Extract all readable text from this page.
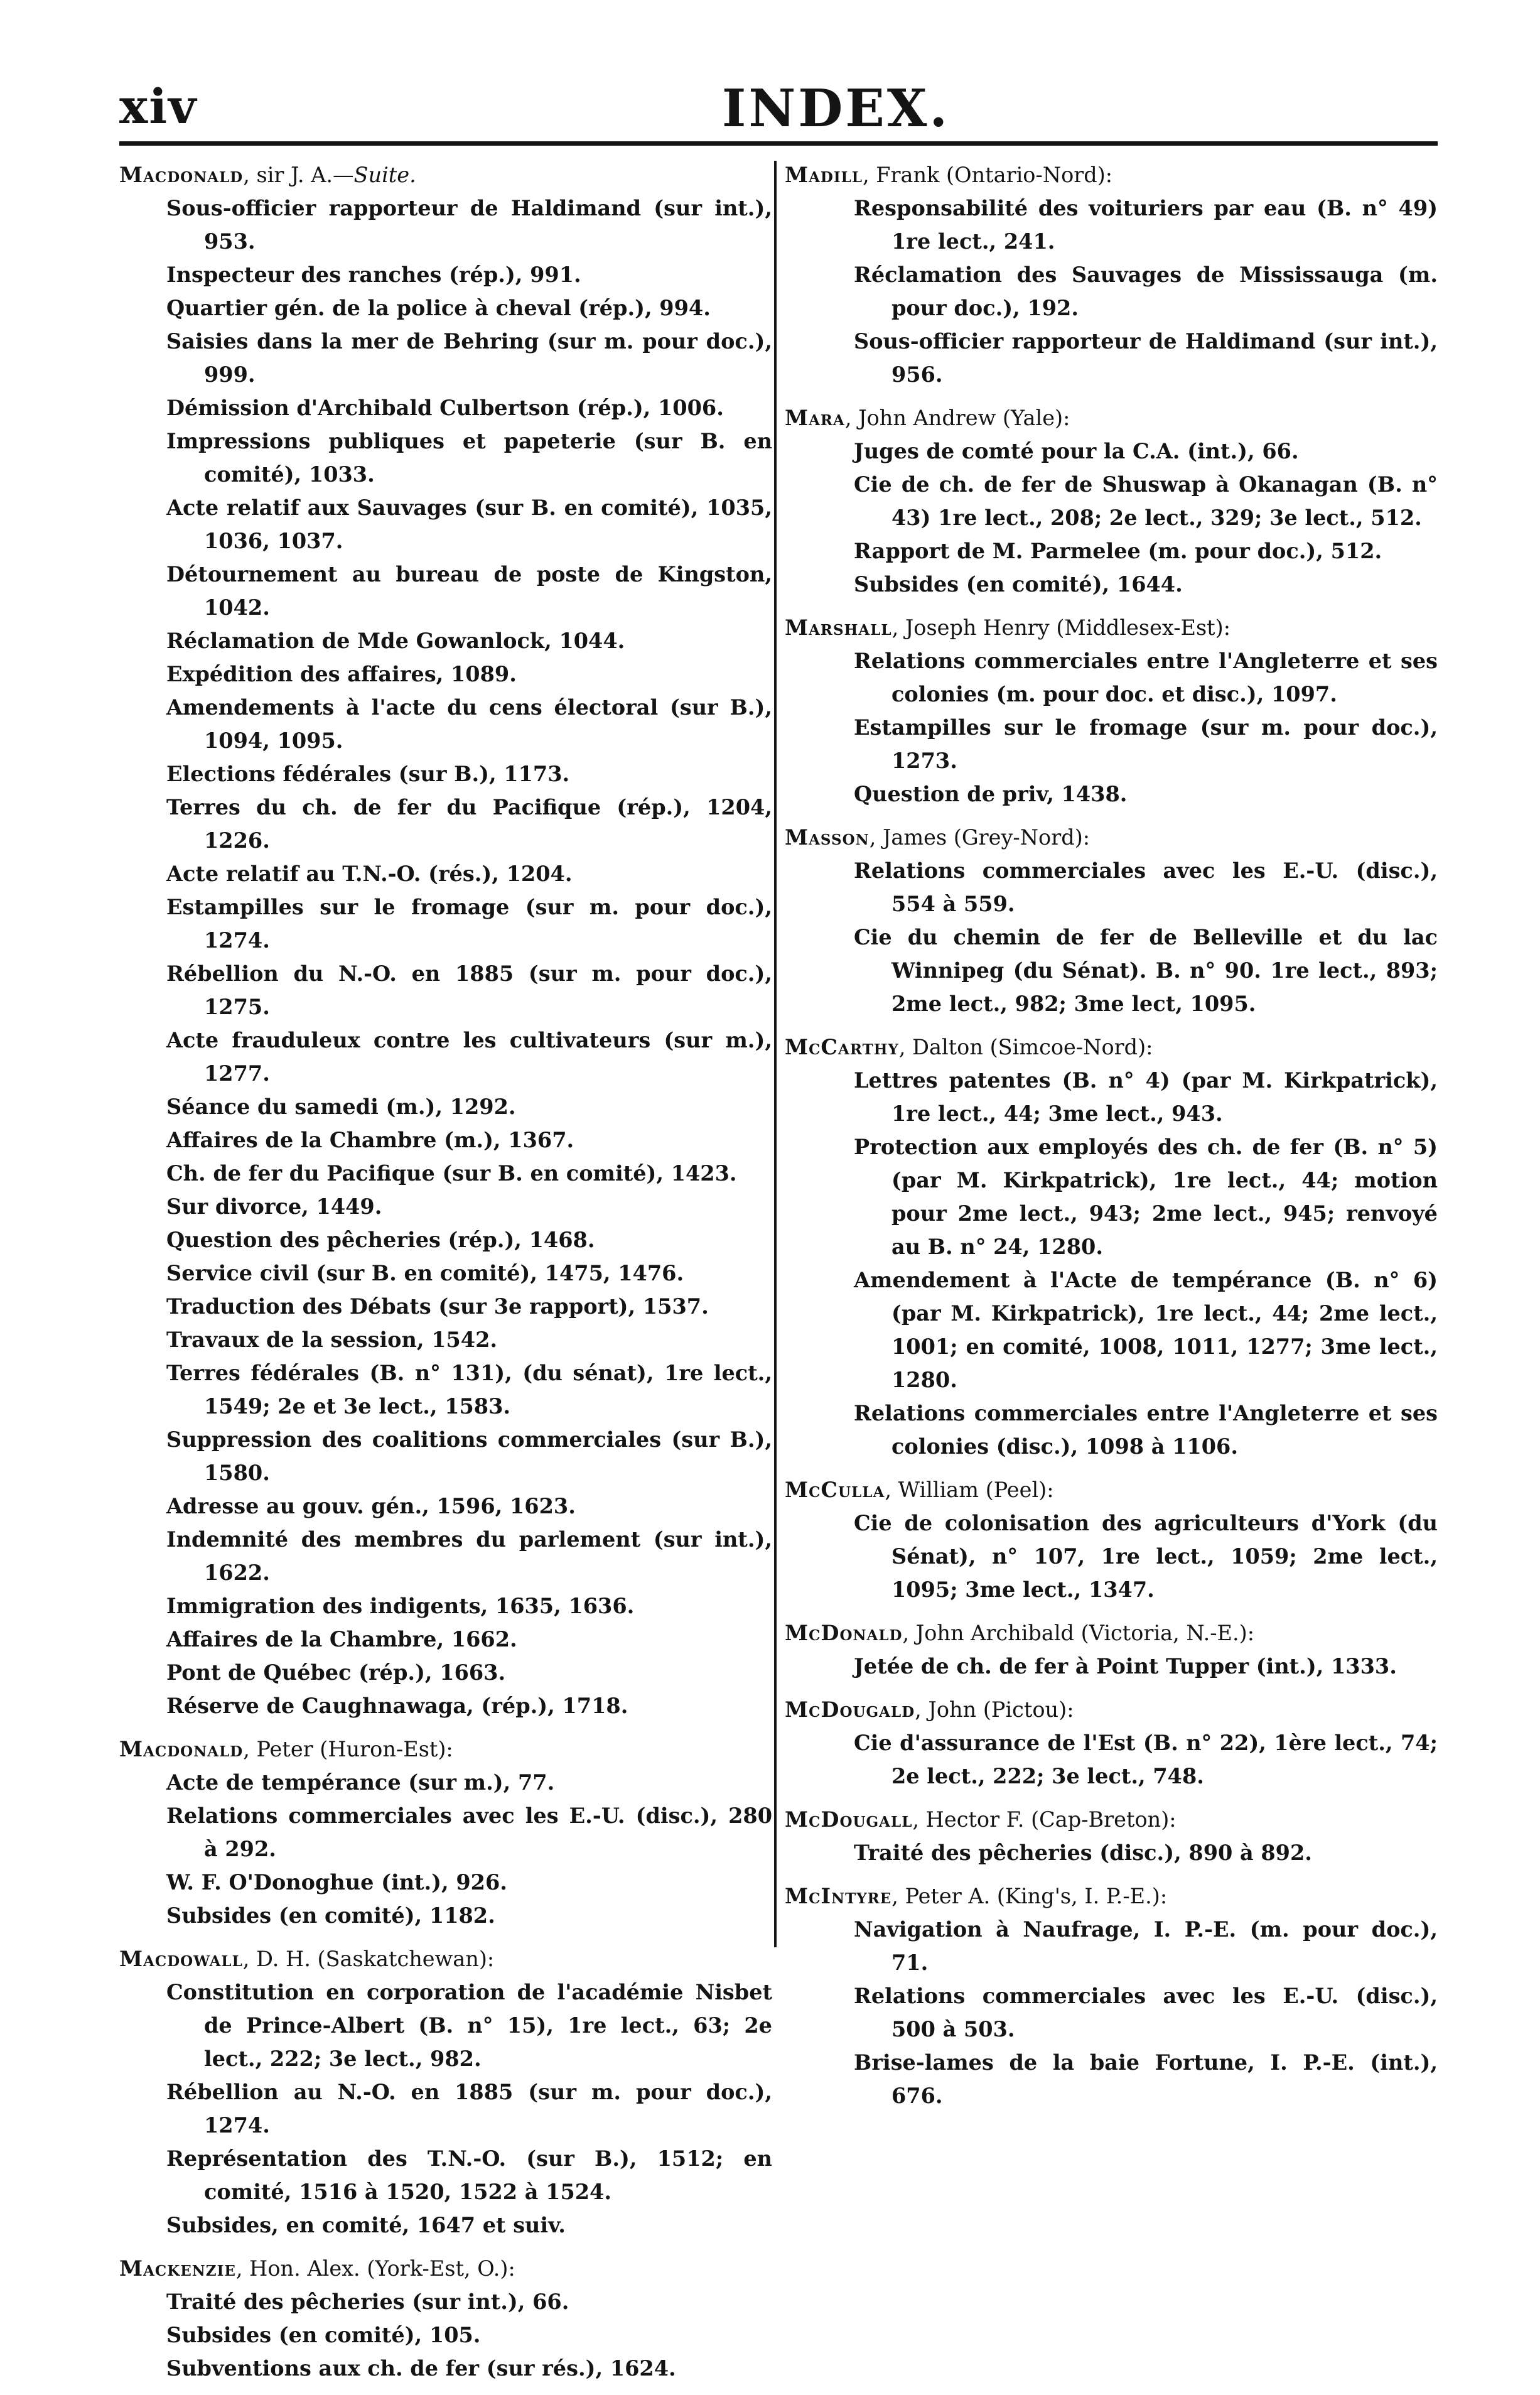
xiv	INDEX.
Macdonald, sir J. A.—Suite.
Sous-officier rapporteur de Haldimand (sur int.), 953.
Inspecteur des ranches (rép.), 991.
Quartier gén. de la police à cheval (rép.), 994.
Saisies dans la mer de Behring (sur m. pour doc.), 999.
Démission d'Archibald Culbertson (rép.), 1006.
Impressions publiques et papeterie (sur B. en comité), 1033.
Acte relatif aux Sauvages (sur B. en comité), 1035, 1036, 1037.
Détournement au bureau de poste de Kingston, 1042.
Réclamation de Mde Gowanlock, 1044.
Expédition des affaires, 1089.
Amendements à l'acte du cens électoral (sur B.), 1094, 1095.
Elections fédérales (sur B.), 1173.
Terres du ch. de fer du Pacifique (rép.), 1204, 1226.
Acte relatif au T.N.-O. (rés.), 1204.
Estampilles sur le fromage (sur m. pour doc.), 1274.
Rébellion du N.-O. en 1885 (sur m. pour doc.), 1275.
Acte frauduleux contre les cultivateurs (sur m.), 1277.
Séance du samedi (m.), 1292.
Affaires de la Chambre (m.), 1367.
Ch. de fer du Pacifique (sur B. en comité), 1423.
Sur divorce, 1449.
Question des pêcheries (rép.), 1468.
Service civil (sur B. en comité), 1475, 1476.
Traduction des Débats (sur 3e rapport), 1537.
Travaux de la session, 1542.
Terres fédérales (B. n° 131), (du sénat), 1re lect., 1549; 2e et 3e lect., 1583.
Suppression des coalitions commerciales (sur B.), 1580.
Adresse au gouv. gén., 1596, 1623.
Indemnité des membres du parlement (sur int.), 1622.
Immigration des indigents, 1635, 1636.
Affaires de la Chambre, 1662.
Pont de Québec (rép.), 1663.
Réserve de Caughnawaga, (rép.), 1718.
Macdonald, Peter (Huron-Est):
Acte de tempérance (sur m.), 77.
Relations commerciales avec les E.-U. (disc.), 280 à 292.
W. F. O'Donoghue (int.), 926.
Subsides (en comité), 1182.
Macdowall, D. H. (Saskatchewan):
Constitution en corporation de l'académie Nisbet de Prince-Albert (B. n° 15), 1re lect., 63; 2e lect., 222; 3e lect., 982.
Rébellion au N.-O. en 1885 (sur m. pour doc.), 1274.
Représentation des T.N.-O. (sur B.), 1512; en comité, 1516 à 1520, 1522 à 1524.
Subsides, en comité, 1647 et suiv.
Mackenzie, Hon. Alex. (York-Est, O.):
Traité des pêcheries (sur int.), 66.
Subsides (en comité), 105.
Subventions aux ch. de fer (sur rés.), 1624.
Madill, Frank (Ontario-Nord):
Responsabilité des voituriers par eau (B. n° 49) 1re lect., 241.
Réclamation des Sauvages de Mississauga (m. pour doc.), 192.
Sous-officier rapporteur de Haldimand (sur int.), 956.
Mara, John Andrew (Yale):
Juges de comté pour la C.A. (int.), 66.
Cie de ch. de fer de Shuswap à Okanagan (B. n° 43) 1re lect., 208; 2e lect., 329; 3e lect., 512.
Rapport de M. Parmelee (m. pour doc.), 512.
Subsides (en comité), 1644.
Marshall, Joseph Henry (Middlesex-Est):
Relations commerciales entre l'Angleterre et ses colonies (m. pour doc. et disc.), 1097.
Estampilles sur le fromage (sur m. pour doc.), 1273.
Question de priv, 1438.
Masson, James (Grey-Nord):
Relations commerciales avec les E.-U. (disc.), 554 à 559.
Cie du chemin de fer de Belleville et du lac Winnipeg (du Sénat). B. n° 90. 1re lect., 893; 2me lect., 982; 3me lect, 1095.
McCarthy, Dalton (Simcoe-Nord):
Lettres patentes (B. n° 4) (par M. Kirkpatrick), 1re lect., 44; 3me lect., 943.
Protection aux employés des ch. de fer (B. n° 5) (par M. Kirkpatrick), 1re lect., 44; motion pour 2me lect., 943; 2me lect., 945; renvoyé au B. n° 24, 1280.
Amendement à l'Acte de tempérance (B. n° 6) (par M. Kirkpatrick), 1re lect., 44; 2me lect., 1001; en comité, 1008, 1011, 1277; 3me lect., 1280.
Relations commerciales entre l'Angleterre et ses colonies (disc.), 1098 à 1106.
McCulla, William (Peel):
Cie de colonisation des agriculteurs d'York (du Sénat), n° 107, 1re lect., 1059; 2me lect., 1095; 3me lect., 1347.
McDonald, John Archibald (Victoria, N.-E.):
Jetée de ch. de fer à Point Tupper (int.), 1333.
McDougald, John (Pictou):
Cie d'assurance de l'Est (B. n° 22), 1ère lect., 74; 2e lect., 222; 3e lect., 748.
McDougall, Hector F. (Cap-Breton):
Traité des pêcheries (disc.), 890 à 892.
McIntyre, Peter A. (King's, I. P.-E.):
Navigation à Naufrage, I. P.-E. (m. pour doc.), 71.
Relations commerciales avec les E.-U. (disc.), 500 à 503.
Brise-lames de la baie Fortune, I. P.-E. (int.), 676.
